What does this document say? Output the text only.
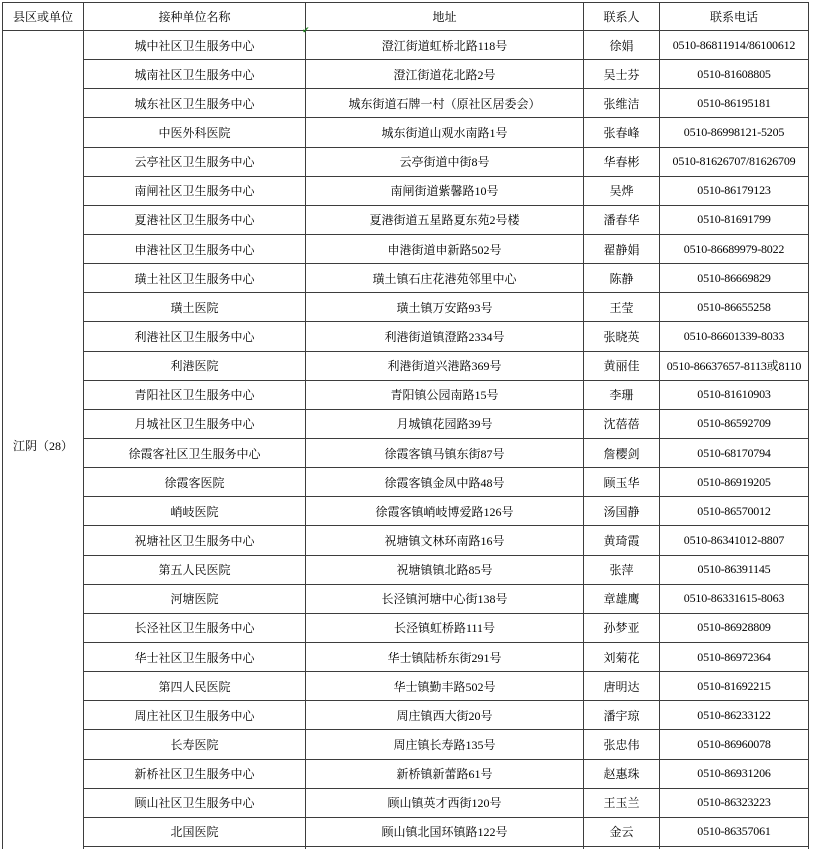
县区或单位	接种单位名称	地址	联系人	联系电话
江阴（28）	城中社区卫生服务中心	澄江街道虹桥北路118号	徐娟	0510-86811914/86100612
	城南社区卫生服务中心	澄江街道花北路2号	吴士芬	0510-81608805
	城东社区卫生服务中心	城东街道石牌一村（原社区居委会）	张维洁	0510-86195181
	中医外科医院	城东街道山观水南路1号	张春峰	0510-86998121-5205
	云亭社区卫生服务中心	云亭街道中街8号	华春彬	0510-81626707/81626709
	南闸社区卫生服务中心	南闸街道紫馨路10号	吴烨	0510-86179123
	夏港社区卫生服务中心	夏港街道五星路夏东苑2号楼	潘春华	0510-81691799
	申港社区卫生服务中心	申港街道申新路502号	翟静娟	0510-86689979-8022
	璜土社区卫生服务中心	璜土镇石庄花港苑邻里中心	陈静	0510-86669829
	璜土医院	璜土镇万安路93号	王莹	0510-86655258
	利港社区卫生服务中心	利港街道镇澄路2334号	张晓英	0510-86601339-8033
	利港医院	利港街道兴港路369号	黄丽佳	0510-86637657-8113或8110
	青阳社区卫生服务中心	青阳镇公园南路15号	李珊	0510-81610903
	月城社区卫生服务中心	月城镇花园路39号	沈蓓蓓	0510-86592709
	徐霞客社区卫生服务中心	徐霞客镇马镇东街87号	詹樱剑	0510-68170794
	徐霞客医院	徐霞客镇金凤中路48号	顾玉华	0510-86919205
	峭岐医院	徐霞客镇峭岐博爱路126号	汤国静	0510-86570012
	祝塘社区卫生服务中心	祝塘镇文林环南路16号	黄琦霞	0510-86341012-8807
	第五人民医院	祝塘镇镇北路85号	张萍	0510-86391145
	河塘医院	长泾镇河塘中心街138号	章雄鹰	0510-86331615-8063
	长泾社区卫生服务中心	长泾镇虹桥路111号	孙梦亚	0510-86928809
	华士社区卫生服务中心	华士镇陆桥东街291号	刘菊花	0510-86972364
	第四人民医院	华士镇勤丰路502号	唐明达	0510-81692215
	周庄社区卫生服务中心	周庄镇西大街20号	潘宇琼	0510-86233122
	长寿医院	周庄镇长寿路135号	张忠伟	0510-86960078
	新桥社区卫生服务中心	新桥镇新蕾路61号	赵惠珠	0510-86931206
	顾山社区卫生服务中心	顾山镇英才西街120号	王玉兰	0510-86323223
	北国医院	顾山镇北国环镇路122号	金云	0510-86357061

✔
